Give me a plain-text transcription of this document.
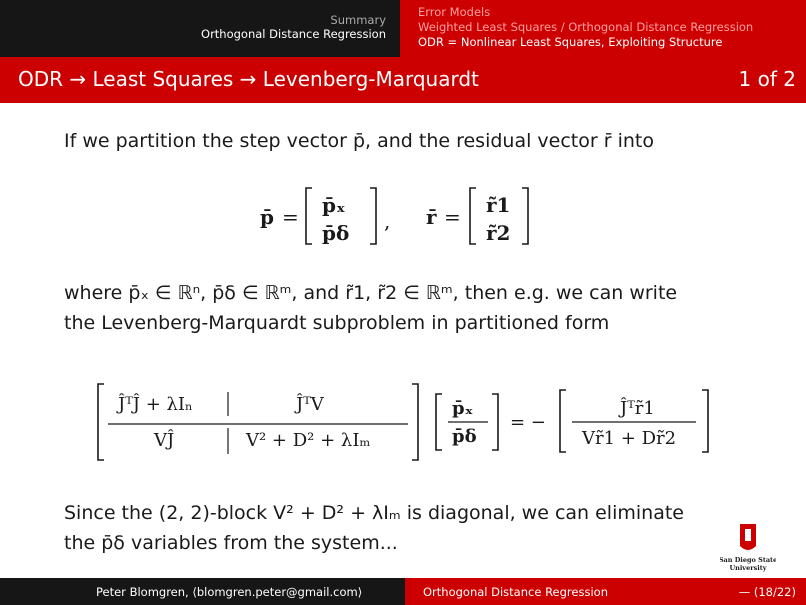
Summary
Orthogonal Distance Regression
Error Models
Weighted Least Squares / Orthogonal Distance Regression
ODR = Nonlinear Least Squares, Exploiting Structure
ODR → Least Squares → Levenberg-Marquardt	1 of 2
If we partition the step vector p̄, and the residual vector r̄ into
p̄ = p̄ₓ
p̄δ , r̄ = r̃1
r̃2
where p̄ₓ ∈ ℝⁿ, p̄δ ∈ ℝᵐ, and r̃1, r̃2 ∈ ℝᵐ, then e.g. we can write
the Levenberg-Marquardt subproblem in partitioned form
ĴᵀĴ + λIₙ	ĴᵀV
VĴ	V² + D² + λIₘ
p̄ₓ
p̄δ
= −
Ĵᵀr̃1
Vr̃1 + Dr̃2
Since the (2, 2)-block V² + D² + λIₘ is diagonal, we can eliminate
the p̄δ variables from the system...
San Diego State
University
Peter Blomgren, ⟨blomgren.peter@gmail.com⟩	Orthogonal Distance Regression	— (18/22)
